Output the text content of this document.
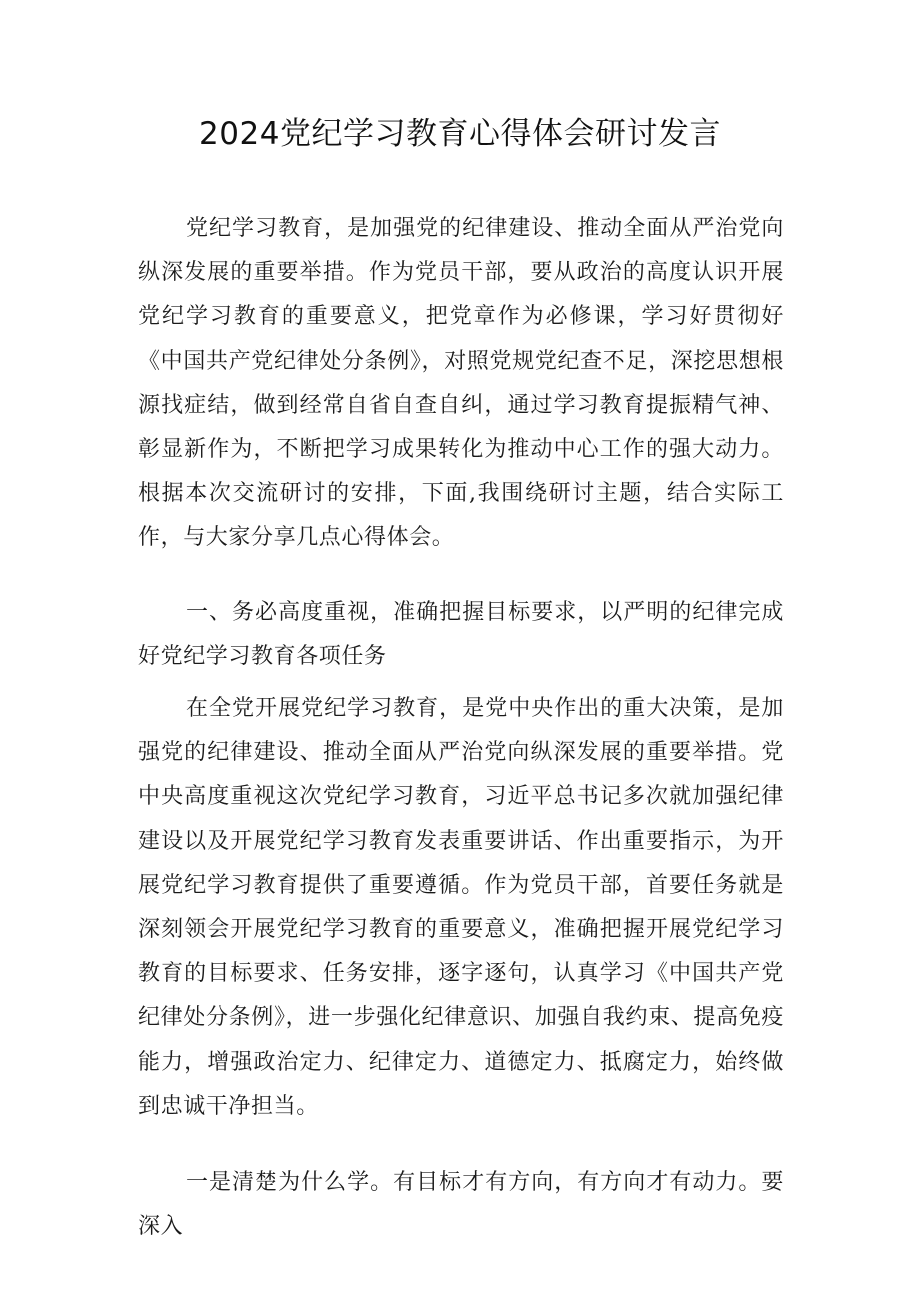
2024党纪学习教育心得体会研讨发言

党纪学习教育，是加强党的纪律建设、推动全面从严治党向纵深发展的重要举措。作为党员干部，要从政治的高度认识开展党纪学习教育的重要意义，把党章作为必修课，学习好贯彻好《中国共产党纪律处分条例》，对照党规党纪查不足，深挖思想根源找症结，做到经常自省自查自纠，通过学习教育提振精气神、彰显新作为，不断把学习成果转化为推动中心工作的强大动力。根据本次交流研讨的安排，下面,我围绕研讨主题，结合实际工作，与大家分享几点心得体会。

一、务必高度重视，准确把握目标要求，以严明的纪律完成好党纪学习教育各项任务

在全党开展党纪学习教育，是党中央作出的重大决策，是加强党的纪律建设、推动全面从严治党向纵深发展的重要举措。党中央高度重视这次党纪学习教育，习近平总书记多次就加强纪律建设以及开展党纪学习教育发表重要讲话、作出重要指示，为开展党纪学习教育提供了重要遵循。作为党员干部，首要任务就是深刻领会开展党纪学习教育的重要意义，准确把握开展党纪学习教育的目标要求、任务安排，逐字逐句，认真学习《中国共产党纪律处分条例》，进一步强化纪律意识、加强自我约束、提高免疫能力，增强政治定力、纪律定力、道德定力、抵腐定力，始终做到忠诚干净担当。

一是清楚为什么学。有目标才有方向，有方向才有动力。要深入
